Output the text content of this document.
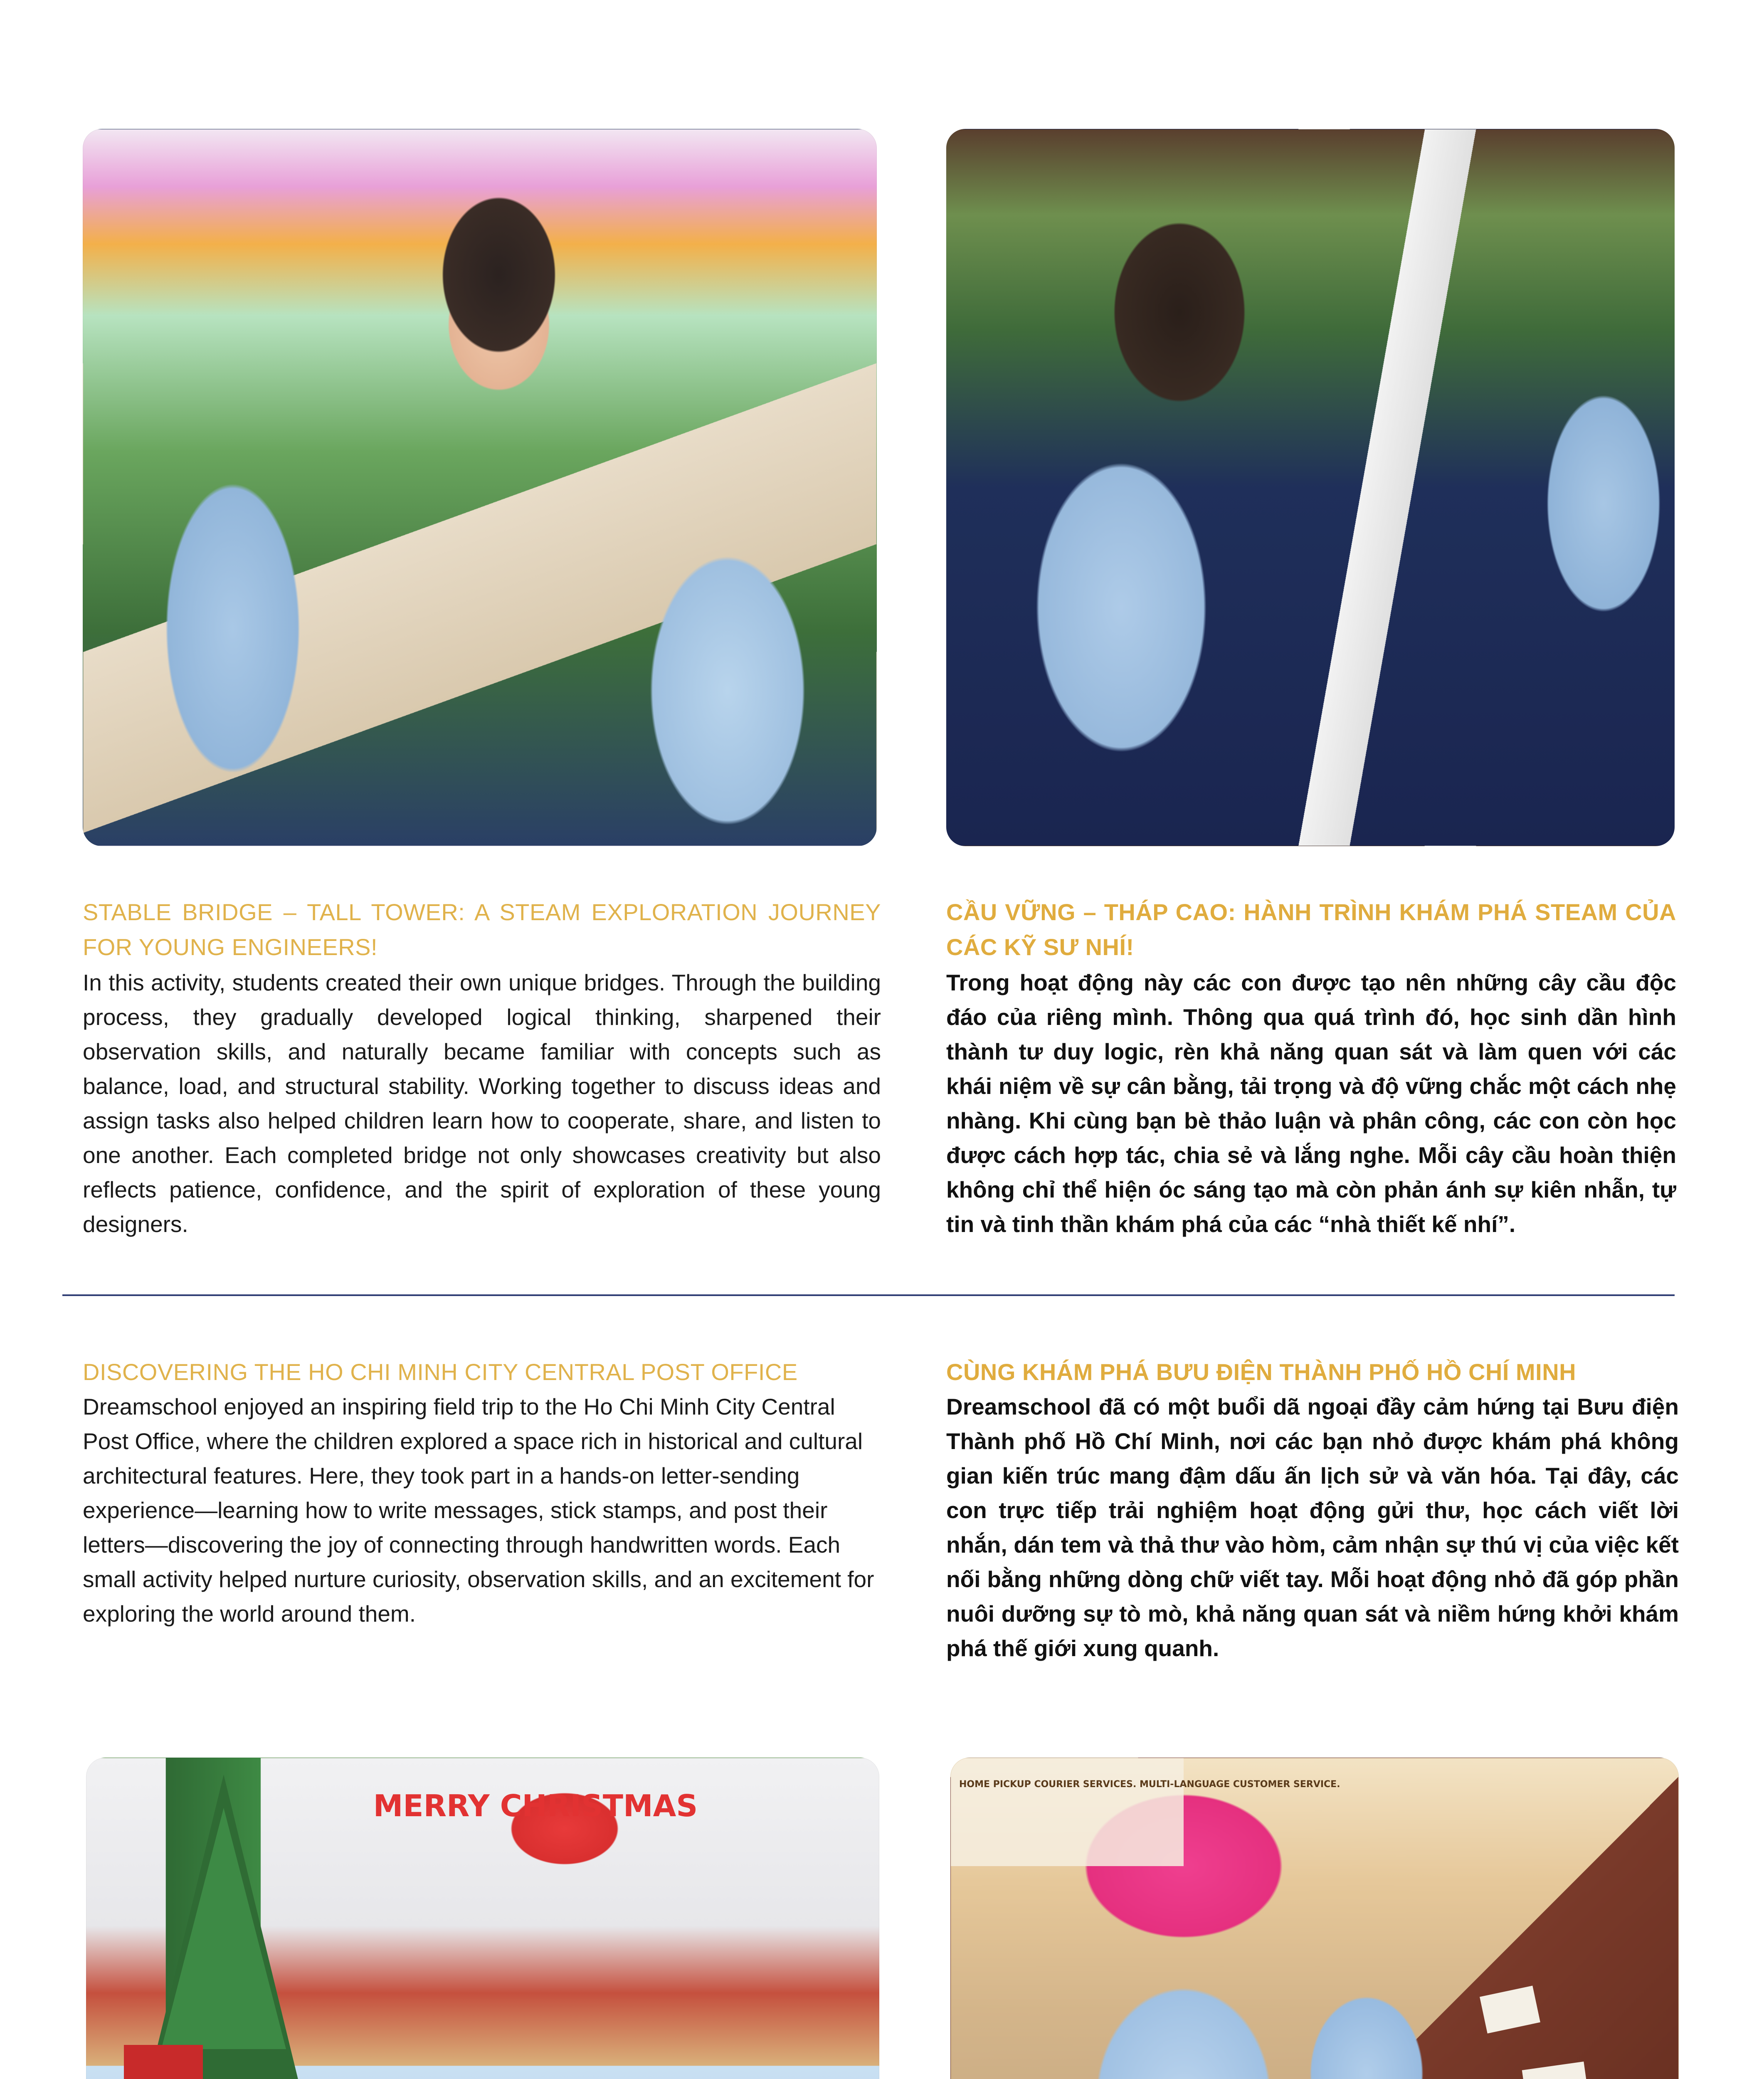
STABLE BRIDGE – TALL TOWER: A STEAM EXPLORATION JOURNEY FOR YOUNG ENGINEERS!
In this activity, students created their own unique bridges. Through the building process, they gradually developed logical thinking, sharpened their observation skills, and naturally became familiar with concepts such as balance, load, and structural stability. Working together to discuss ideas and assign tasks also helped children learn how to cooperate, share, and listen to one another. Each completed bridge not only showcases creativity but also reflects patience, confidence, and the spirit of exploration of these young designers.
CẦU VỮNG – THÁP CAO: HÀNH TRÌNH KHÁM PHÁ STEAM CỦA CÁC KỸ SƯ NHÍ!
Trong hoạt động này các con được tạo nên những cây cầu độc đáo của riêng mình. Thông qua quá trình đó, học sinh dần hình thành tư duy logic, rèn khả năng quan sát và làm quen với các khái niệm về sự cân bằng, tải trọng và độ vững chắc một cách nhẹ nhàng. Khi cùng bạn bè thảo luận và phân công, các con còn học được cách hợp tác, chia sẻ và lắng nghe. Mỗi cây cầu hoàn thiện không chỉ thể hiện óc sáng tạo mà còn phản ánh sự kiên nhẫn, tự tin và tinh thần khám phá của các “nhà thiết kế nhí”.
DISCOVERING THE HO CHI MINH CITY CENTRAL POST OFFICE
Dreamschool enjoyed an inspiring field trip to the Ho Chi Minh City Central Post Office, where the children explored a space rich in historical and cultural architectural features. Here, they took part in a hands-on letter-sending experience—learning how to write messages, stick stamps, and post their letters—discovering the joy of connecting through handwritten words. Each small activity helped nurture curiosity, observation skills, and an excitement for exploring the world around them.
CÙNG KHÁM PHÁ BƯU ĐIỆN THÀNH PHỐ HỒ CHÍ MINH
Dreamschool đã có một buổi dã ngoại đầy cảm hứng tại Bưu điện Thành phố Hồ Chí Minh, nơi các bạn nhỏ được khám phá không gian kiến trúc mang đậm dấu ấn lịch sử và văn hóa. Tại đây, các con trực tiếp trải nghiệm hoạt động gửi thư, học cách viết lời nhắn, dán tem và thả thư vào hòm, cảm nhận sự thú vị của việc kết nối bằng những dòng chữ viết tay. Mỗi hoạt động nhỏ đã góp phần nuôi dưỡng sự tò mò, khả năng quan sát và niềm hứng khởi khám phá thế giới xung quanh.
MERRY CHRISTMAS
HOME PICKUP COURIER SERVICES. MULTI-LANGUAGE CUSTOMER SERVICE.
